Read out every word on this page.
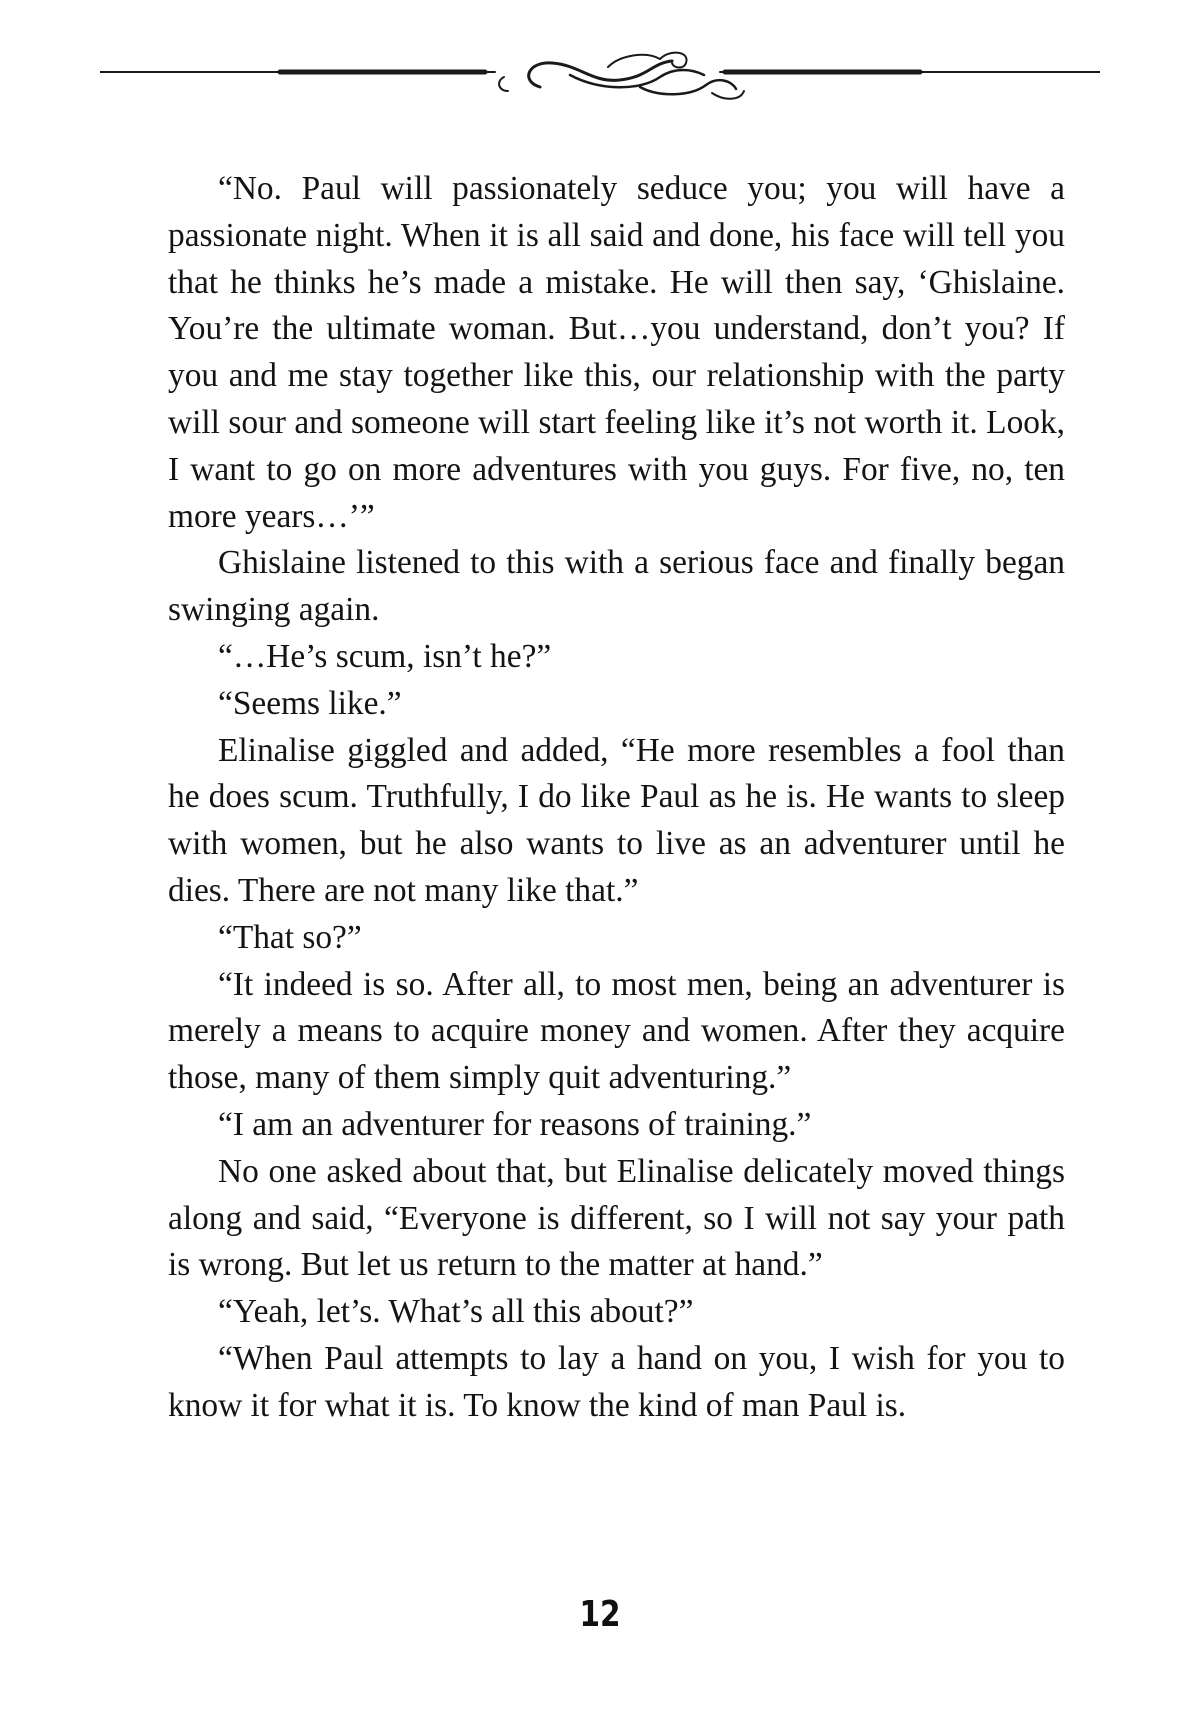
“No. Paul will passionately seduce you; you will have a passionate night. When it is all said and done, his face will tell you that he thinks he’s made a mistake. He will then say, ‘Ghislaine. You’re the ultimate woman. But…you understand, don’t you? If you and me stay together like this, our relationship with the party will sour and someone will start feeling like it’s not worth it. Look, I want to go on more adventures with you guys. For five, no, ten more years…’”

Ghislaine listened to this with a serious face and finally began swinging again.

“…He’s scum, isn’t he?”

“Seems like.”

Elinalise giggled and added, “He more resembles a fool than he does scum. Truthfully, I do like Paul as he is. He wants to sleep with women, but he also wants to live as an adventurer until he dies. There are not many like that.”

“That so?”

“It indeed is so. After all, to most men, being an adventurer is merely a means to acquire money and women. After they acquire those, many of them simply quit adventuring.”

“I am an adventurer for reasons of training.”

No one asked about that, but Elinalise delicately moved things along and said, “Everyone is different, so I will not say your path is wrong. But let us return to the matter at hand.”

“Yeah, let’s. What’s all this about?”

“When Paul attempts to lay a hand on you, I wish for you to know it for what it is. To know the kind of man Paul is.

12
